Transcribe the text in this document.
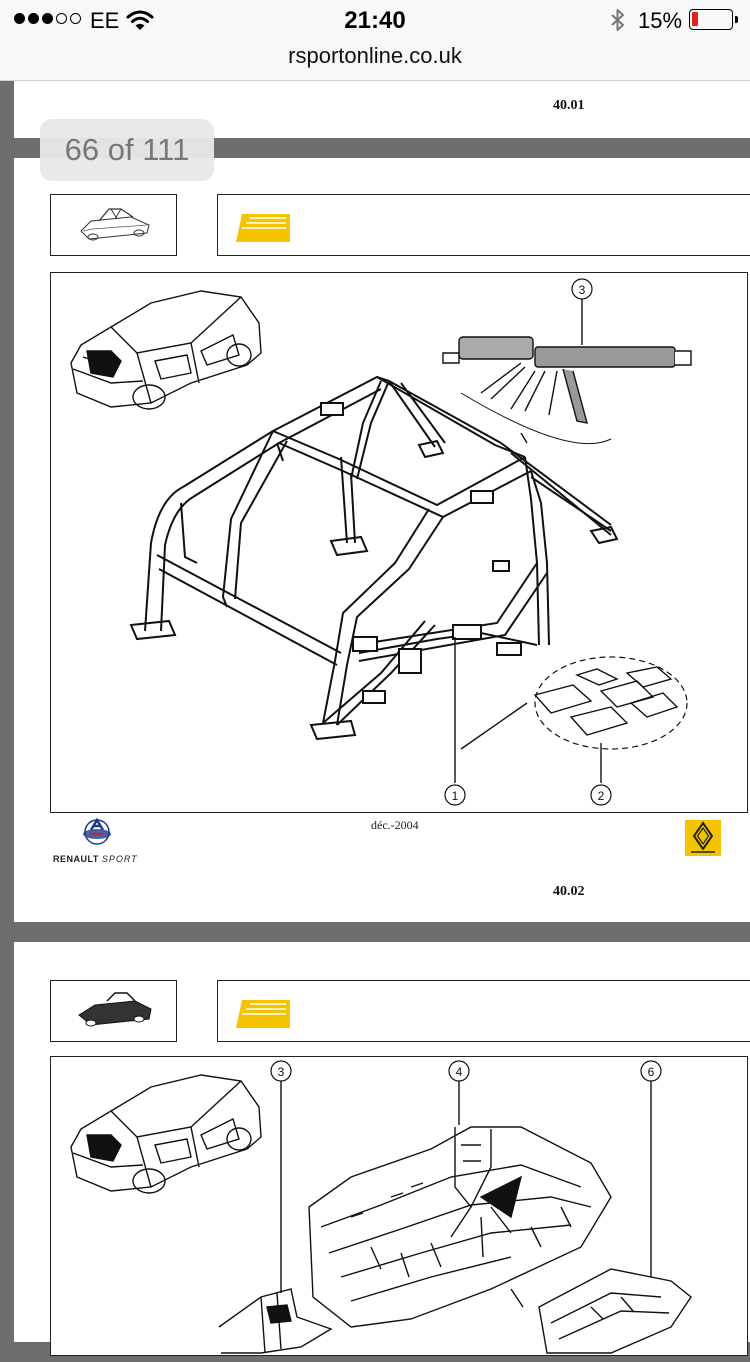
EE	21:40	15%
rsportonline.co.uk
40.01
3
1	2
RENAULT SPORT
déc.-2004
40.02
66 of 111
3	4	6
